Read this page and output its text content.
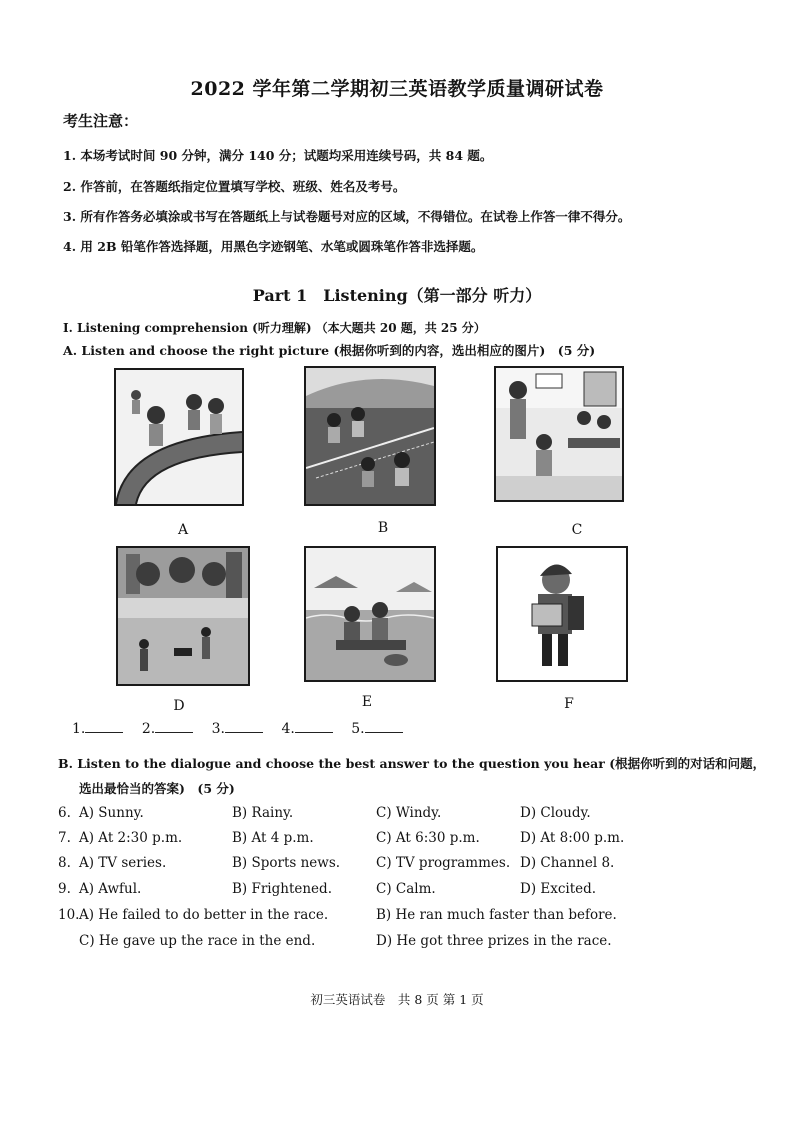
2022 学年第二学期初三英语教学质量调研试卷
考生注意：
1. 本场考试时间 90 分钟，满分 140 分；试题均采用连续号码，共 84 题。
2. 作答前，在答题纸指定位置填写学校、班级、姓名及考号。
3. 所有作答务必填涂或书写在答题纸上与试卷题号对应的区域，不得错位。在试卷上作答一律不得分。
4. 用 2B 铅笔作答选择题，用黑色字迹钢笔、水笔或圆珠笔作答非选择题。
Part 1　Listening（第一部分 听力）
I. Listening comprehension (听力理解) （本大题共 20 题，共 25 分）
A. Listen and choose the right picture (根据你听到的内容，选出相应的图片)　(5 分)
A	B	C
D	E	F
1.	2.	3.	4.	5.
B. Listen to the dialogue and choose the best answer to the question you hear (根据你听到的对话和问题，
选出最恰当的答案)　(5 分)
6. A) Sunny.	B) Rainy.	C) Windy.	D) Cloudy.
7. A) At 2:30 p.m.	B) At 4 p.m.	C) At 6:30 p.m.	D) At 8:00 p.m.
8. A) TV series.	B) Sports news.	C) TV programmes. D) Channel 8.
9. A) Awful.	B) Frightened.	C) Calm.	D) Excited.
10. A) He failed to do better in the race.	B) He ran much faster than before.
C) He gave up the race in the end.	D) He got three prizes in the race.
初三英语试卷　共 8 页 第 1 页
